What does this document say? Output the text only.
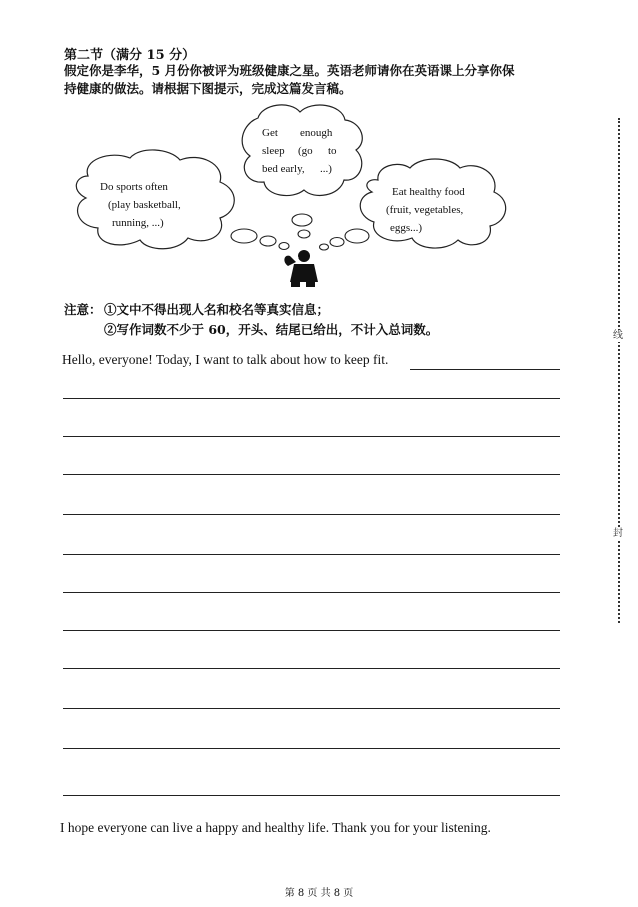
第二节（满分 15 分）

假定你是李华，5 月份你被评为班级健康之星。英语老师请你在英语课上分享你保
持健康的做法。请根据下图提示，完成这篇发言稿。

Do sports often
(play basketball,
running, ...)
Get enough
sleep (go to
bed early, ...)
Eat healthy food
(fruit, vegetables,
eggs...)
注意： ①文中不得出现人名和校名等真实信息；
②写作词数不少于 60，开头、结尾已给出，不计入总词数。
Hello, everyone! Today, I want to talk about how to keep fit.
I hope everyone can live a happy and healthy life. Thank you for your listening.
第 8 页 共 8 页
线
封
